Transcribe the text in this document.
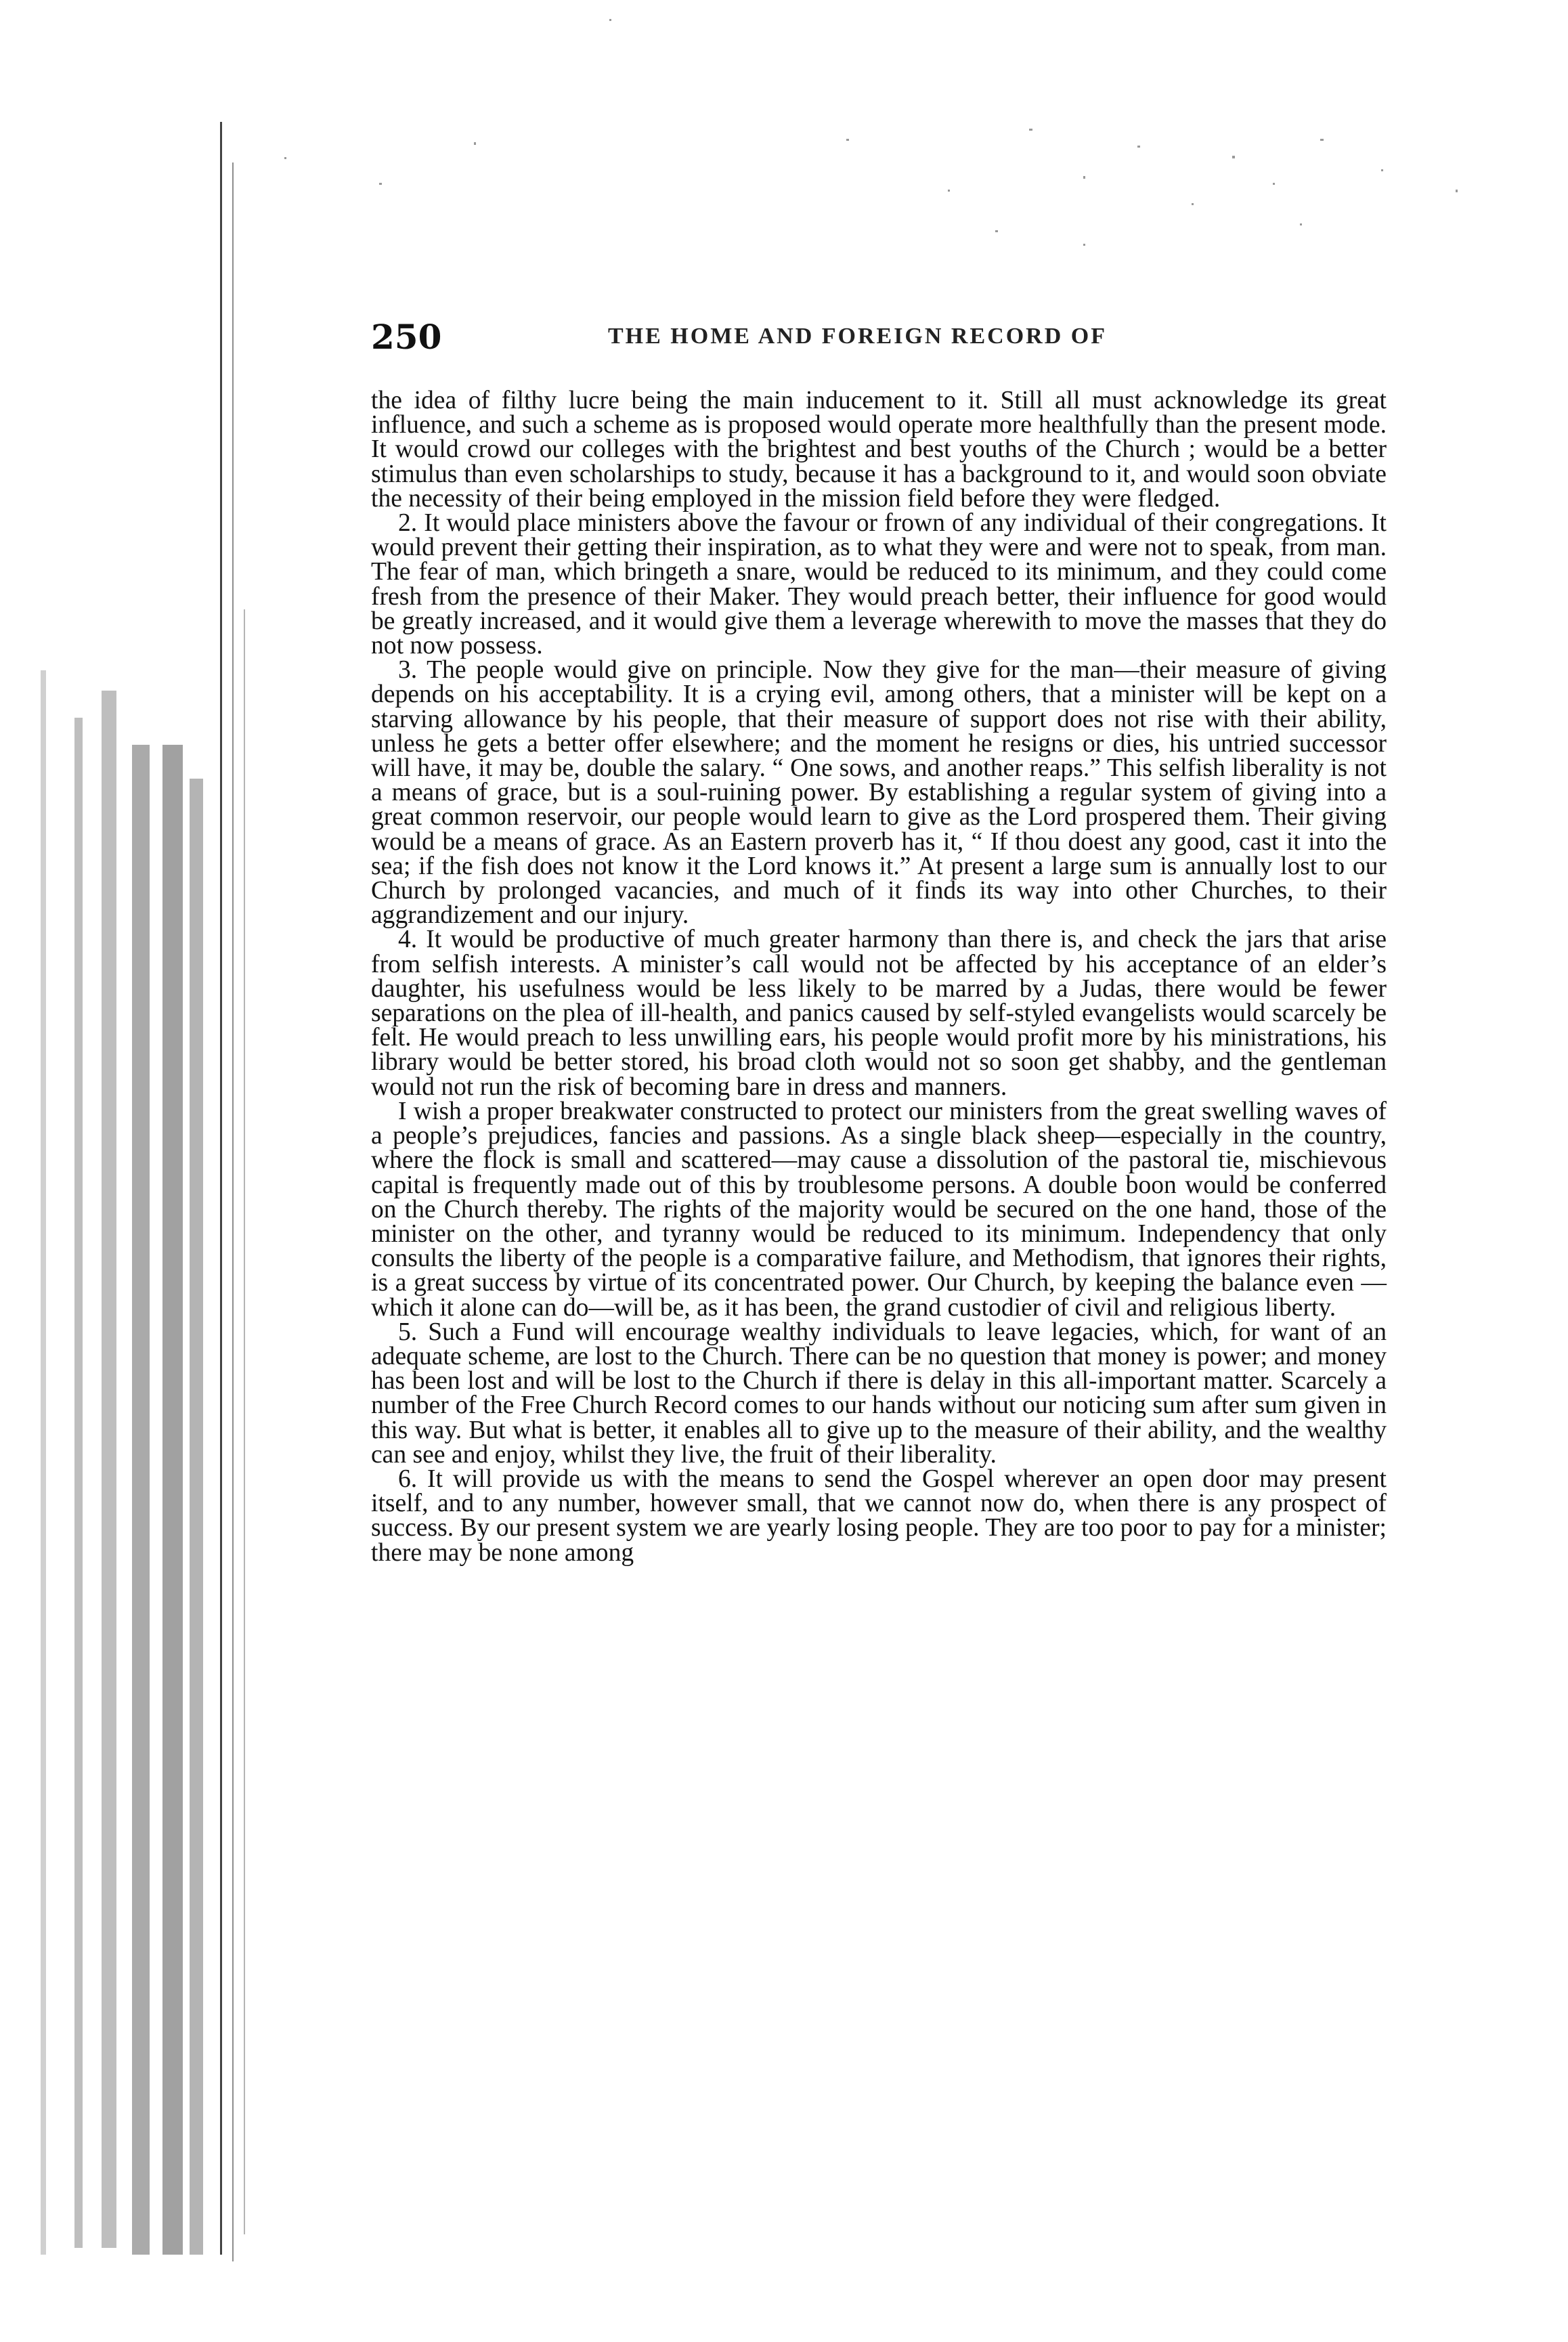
250	THE HOME AND FOREIGN RECORD OF

the idea of filthy lucre being the main inducement to it. Still all must acknowledge its great influence, and such a scheme as is proposed would operate more healthfully than the present mode. It would crowd our colleges with the brightest and best youths of the Church ; would be a better stimulus than even scholarships to study, because it has a background to it, and would soon obviate the necessity of their being employed in the mission field before they were fledged.

2. It would place ministers above the favour or frown of any individual of their congregations. It would prevent their getting their inspiration, as to what they were and were not to speak, from man. The fear of man, which bringeth a snare, would be reduced to its minimum, and they could come fresh from the presence of their Maker. They would preach better, their influence for good would be greatly increased, and it would give them a leverage wherewith to move the masses that they do not now possess.

3. The people would give on principle. Now they give for the man—their measure of giving depends on his acceptability. It is a crying evil, among others, that a minister will be kept on a starving allowance by his people, that their measure of support does not rise with their ability, unless he gets a better offer elsewhere; and the moment he resigns or dies, his untried successor will have, it may be, double the salary. “ One sows, and another reaps.” This selfish liberality is not a means of grace, but is a soul-ruining power. By establishing a regular system of giving into a great common reservoir, our people would learn to give as the Lord prospered them. Their giving would be a means of grace. As an Eastern proverb has it, “ If thou doest any good, cast it into the sea; if the fish does not know it the Lord knows it.” At present a large sum is annually lost to our Church by prolonged vacancies, and much of it finds its way into other Churches, to their aggrandizement and our injury.

4. It would be productive of much greater harmony than there is, and check the jars that arise from selfish interests. A minister’s call would not be affected by his acceptance of an elder’s daughter, his usefulness would be less likely to be marred by a Judas, there would be fewer separations on the plea of ill-health, and panics caused by self-styled evangelists would scarcely be felt. He would preach to less unwilling ears, his people would profit more by his ministrations, his library would be better stored, his broad cloth would not so soon get shabby, and the gentleman would not run the risk of becoming bare in dress and manners.

I wish a proper breakwater constructed to protect our ministers from the great swelling waves of a people’s prejudices, fancies and passions. As a single black sheep—especially in the country, where the flock is small and scattered—may cause a dissolution of the pastoral tie, mischievous capital is frequently made out of this by troublesome persons. A double boon would be conferred on the Church thereby. The rights of the majority would be secured on the one hand, those of the minister on the other, and tyranny would be reduced to its minimum. Independency that only consults the liberty of the people is a comparative failure, and Methodism, that ignores their rights, is a great success by virtue of its concentrated power. Our Church, by keeping the balance even —which it alone can do—will be, as it has been, the grand custodier of civil and religious liberty.

5. Such a Fund will encourage wealthy individuals to leave legacies, which, for want of an adequate scheme, are lost to the Church. There can be no question that money is power; and money has been lost and will be lost to the Church if there is delay in this all-important matter. Scarcely a number of the Free Church Record comes to our hands without our noticing sum after sum given in this way. But what is better, it enables all to give up to the measure of their ability, and the wealthy can see and enjoy, whilst they live, the fruit of their liberality.

6. It will provide us with the means to send the Gospel wherever an open door may present itself, and to any number, however small, that we cannot now do, when there is any prospect of success. By our present system we are yearly losing people. They are too poor to pay for a minister; there may be none among
